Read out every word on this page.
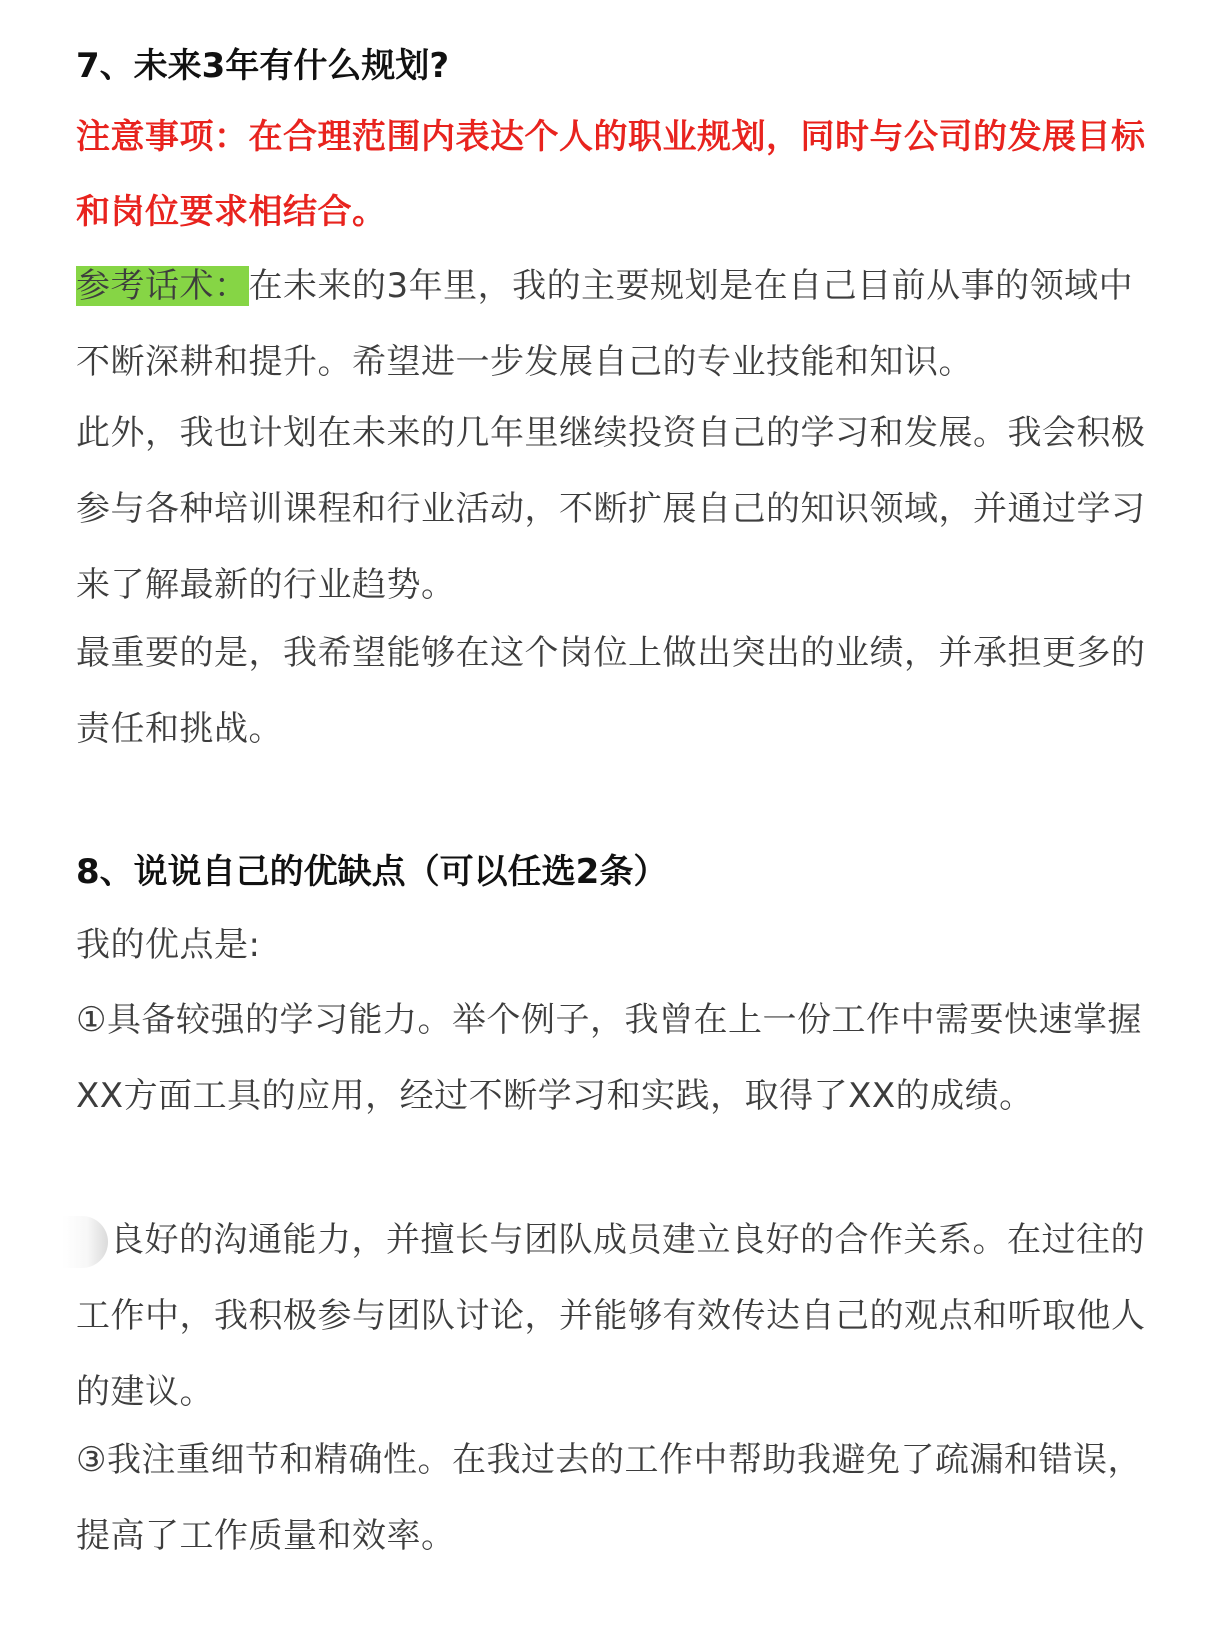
7、未来3年有什么规划?
注意事项：在合理范围内表达个人的职业规划，同时与公司的发展目标和岗位要求相结合。
参考话术：在未来的3年里，我的主要规划是在自己目前从事的领域中不断深耕和提升。希望进一步发展自己的专业技能和知识。
此外，我也计划在未来的几年里继续投资自己的学习和发展。我会积极参与各种培训课程和行业活动，不断扩展自己的知识领域，并通过学习来了解最新的行业趋势。
最重要的是，我希望能够在这个岗位上做出突出的业绩，并承担更多的责任和挑战。
8、说说自己的优缺点（可以任选2条）
我的优点是:
①具备较强的学习能力。举个例子，我曾在上一份工作中需要快速掌握XX方面工具的应用，经过不断学习和实践，取得了XX的成绩。
良好的沟通能力，并擅长与团队成员建立良好的合作关系。在过往的工作中，我积极参与团队讨论，并能够有效传达自己的观点和听取他人的建议。
③我注重细节和精确性。在我过去的工作中帮助我避免了疏漏和错误，提高了工作质量和效率。
